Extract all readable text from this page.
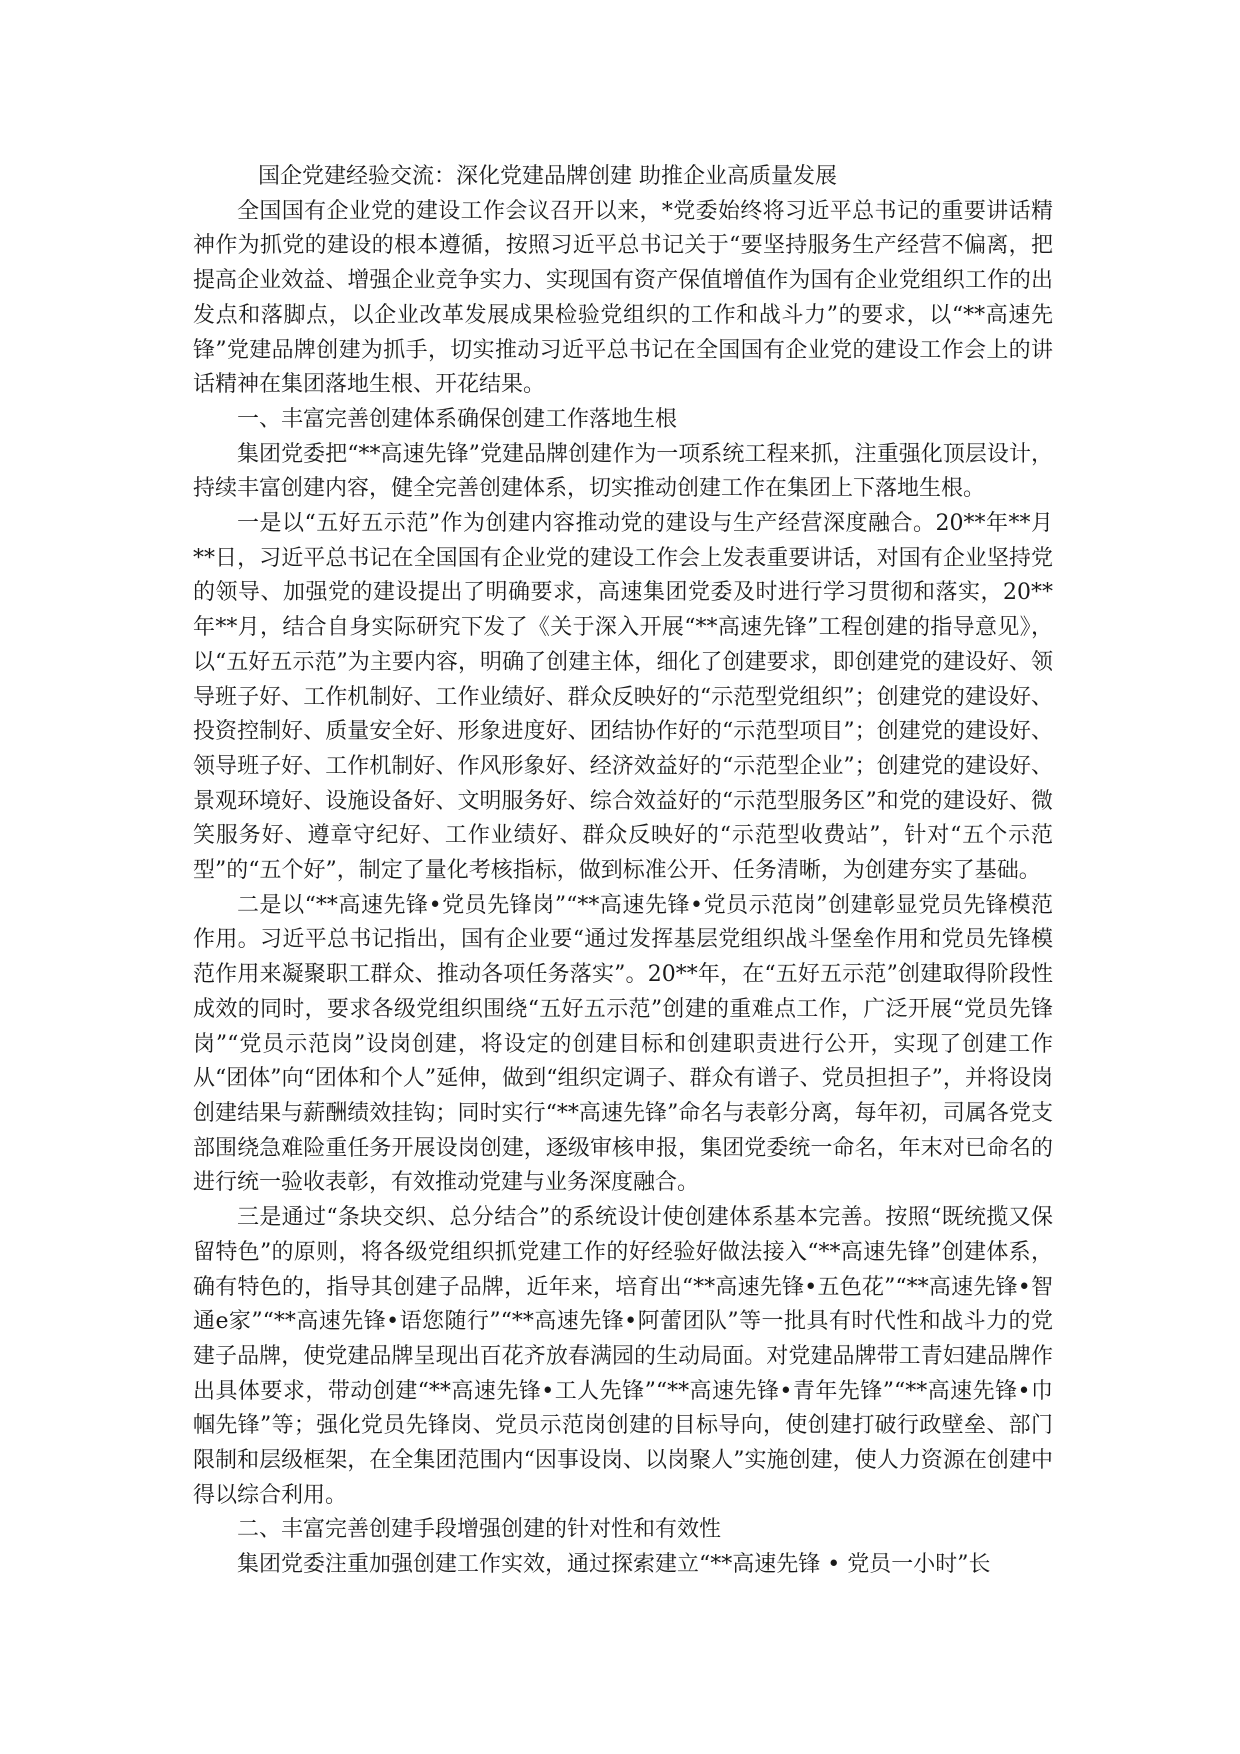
国企党建经验交流：深化党建品牌创建 助推企业高质量发展

全国国有企业党的建设工作会议召开以来，*党委始终将习近平总书记的重要讲话精神作为抓党的建设的根本遵循，按照习近平总书记关于“要坚持服务生产经营不偏离，把提高企业效益、增强企业竞争实力、实现国有资产保值增值作为国有企业党组织工作的出发点和落脚点，以企业改革发展成果检验党组织的工作和战斗力”的要求，以“**高速先锋”党建品牌创建为抓手，切实推动习近平总书记在全国国有企业党的建设工作会上的讲话精神在集团落地生根、开花结果。

一、丰富完善创建体系确保创建工作落地生根

集团党委把“**高速先锋”党建品牌创建作为一项系统工程来抓，注重强化顶层设计，持续丰富创建内容，健全完善创建体系，切实推动创建工作在集团上下落地生根。

一是以“五好五示范”作为创建内容推动党的建设与生产经营深度融合。20**年**月**日，习近平总书记在全国国有企业党的建设工作会上发表重要讲话，对国有企业坚持党的领导、加强党的建设提出了明确要求，高速集团党委及时进行学习贯彻和落实，20**年**月，结合自身实际研究下发了《关于深入开展“**高速先锋”工程创建的指导意见》，以“五好五示范”为主要内容，明确了创建主体，细化了创建要求，即创建党的建设好、领导班子好、工作机制好、工作业绩好、群众反映好的“示范型党组织”；创建党的建设好、投资控制好、质量安全好、形象进度好、团结协作好的“示范型项目”；创建党的建设好、领导班子好、工作机制好、作风形象好、经济效益好的“示范型企业”；创建党的建设好、景观环境好、设施设备好、文明服务好、综合效益好的“示范型服务区”和党的建设好、微笑服务好、遵章守纪好、工作业绩好、群众反映好的“示范型收费站”，针对“五个示范型”的“五个好”，制定了量化考核指标，做到标准公开、任务清晰，为创建夯实了基础。

二是以“**高速先锋•党员先锋岗”“**高速先锋•党员示范岗”创建彰显党员先锋模范作用。习近平总书记指出，国有企业要“通过发挥基层党组织战斗堡垒作用和党员先锋模范作用来凝聚职工群众、推动各项任务落实”。20**年，在“五好五示范”创建取得阶段性成效的同时，要求各级党组织围绕“五好五示范”创建的重难点工作，广泛开展“党员先锋岗”“党员示范岗”设岗创建，将设定的创建目标和创建职责进行公开，实现了创建工作从“团体”向“团体和个人”延伸，做到“组织定调子、群众有谱子、党员担担子”，并将设岗创建结果与薪酬绩效挂钩；同时实行“**高速先锋”命名与表彰分离，每年初，司属各党支部围绕急难险重任务开展设岗创建，逐级审核申报，集团党委统一命名，年末对已命名的进行统一验收表彰，有效推动党建与业务深度融合。

三是通过“条块交织、总分结合”的系统设计使创建体系基本完善。按照“既统揽又保留特色”的原则，将各级党组织抓党建工作的好经验好做法接入“**高速先锋”创建体系，确有特色的，指导其创建子品牌，近年来，培育出“**高速先锋•五色花”“**高速先锋•智通e家”“**高速先锋•语您随行”“**高速先锋•阿蕾团队”等一批具有时代性和战斗力的党建子品牌，使党建品牌呈现出百花齐放春满园的生动局面。对党建品牌带工青妇建品牌作出具体要求，带动创建“**高速先锋•工人先锋”“**高速先锋•青年先锋”“**高速先锋•巾帼先锋”等；强化党员先锋岗、党员示范岗创建的目标导向，使创建打破行政壁垒、部门限制和层级框架，在全集团范围内“因事设岗、以岗聚人”实施创建，使人力资源在创建中得以综合利用。

二、丰富完善创建手段增强创建的针对性和有效性

集团党委注重加强创建工作实效，通过探索建立“**高速先锋 • 党员一小时”长
